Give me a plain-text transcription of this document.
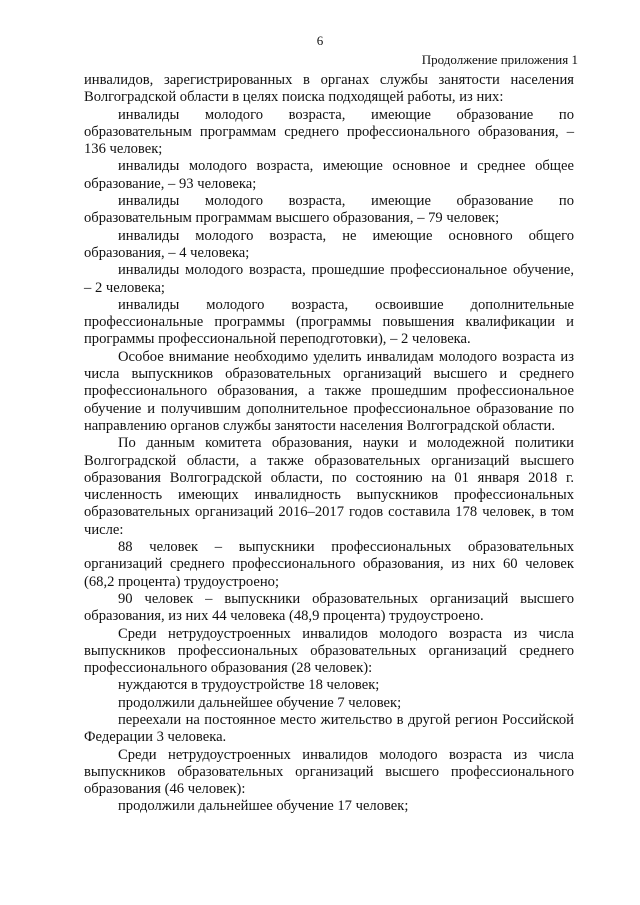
6
Продолжение приложения 1

инвалидов, зарегистрированных в органах службы занятости населения Волгоградской области в целях поиска подходящей работы, из них:

инвалиды молодого возраста, имеющие образование по образовательным программам среднего профессионального образования, – 136 человек;

инвалиды молодого возраста, имеющие основное и среднее общее образование, – 93 человека;

инвалиды молодого возраста, имеющие образование по образовательным программам высшего образования, – 79 человек;

инвалиды молодого возраста, не имеющие основного общего образования, – 4 человека;

инвалиды молодого возраста, прошедшие профессиональное обучение, – 2 человека;

инвалиды молодого возраста, освоившие дополнительные профессиональные программы (программы повышения квалификации и программы профессиональной переподготовки), – 2 человека.

Особое внимание необходимо уделить инвалидам молодого возраста из числа выпускников образовательных организаций высшего и среднего профессионального образования, а также прошедшим профессиональное обучение и получившим дополнительное профессиональное образование по направлению органов службы занятости населения Волгоградской области.

По данным комитета образования, науки и молодежной политики Волгоградской области, а также образовательных организаций высшего образования Волгоградской области, по состоянию на 01 января 2018 г. численность имеющих инвалидность выпускников профессиональных образовательных организаций 2016–2017 годов составила 178 человек, в том числе:

88 человек – выпускники профессиональных образовательных организаций среднего профессионального образования, из них 60 человек (68,2 процента) трудоустроено;

90 человек – выпускники образовательных организаций высшего образования, из них 44 человека (48,9 процента) трудоустроено.

Среди нетрудоустроенных инвалидов молодого возраста из числа выпускников профессиональных образовательных организаций среднего профессионального образования (28 человек):

нуждаются в трудоустройстве 18 человек;

продолжили дальнейшее обучение 7 человек;

переехали на постоянное место жительство в другой регион Российской Федерации 3 человека.

Среди нетрудоустроенных инвалидов молодого возраста из числа выпускников образовательных организаций высшего профессионального образования (46 человек):

продолжили дальнейшее обучение 17 человек;
